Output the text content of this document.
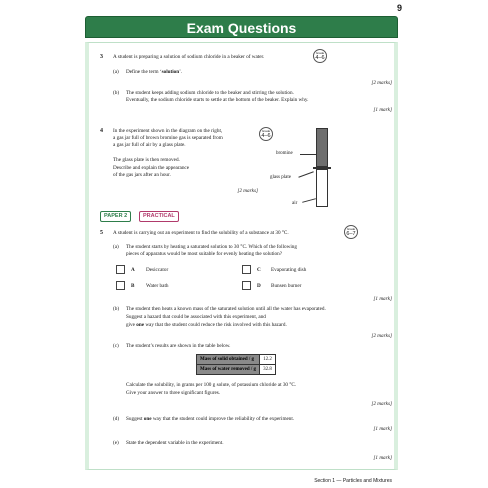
9
Exam Questions
3 A student is preparing a solution of sodium chloride in a beaker of water.
Grade
4–6
(a) Define the term ‘solution’.
[2 marks]
(b) The student keeps adding sodium chloride to the beaker and stirring the solution.
Eventually, the sodium chloride starts to settle at the bottom of the beaker. Explain why.
[1 mark]
4 In the experiment shown in the diagram on the right,
a gas jar full of brown bromine gas is separated from
a gas jar full of air by a glass plate.
Grade
4–6
The glass plate is then removed.
Describe and explain the appearance
of the gas jars after an hour.
[2 marks]
bromine
glass plate
air
PAPER 2	PRACTICAL
5 A student is carrying out an experiment to find the solubility of a substance at 30 °C.
Grade
6–7
(a) The student starts by heating a saturated solution to 30 °C. Which of the following
pieces of apparatus would be most suitable for evenly heating the solution?
A Desiccator	C Evaporating dish
B Water bath	D Bunsen burner
[1 mark]
(b) The student then heats a known mass of the saturated solution until all the water has evaporated.
Suggest a hazard that could be associated with this experiment, and
give one way that the student could reduce the risk involved with this hazard.
[2 marks]
(c) The student’s results are shown in the table below.
Mass of solid obtained / g	12.2
Mass of water removed / g	32.8
Calculate the solubility, in grams per 100 g solute, of potassium chloride at 30 °C.
Give your answer to three significant figures.
[2 marks]
(d) Suggest one way that the student could improve the reliability of the experiment.
[1 mark]
(e) State the dependent variable in the experiment.
[1 mark]
Section 1 — Particles and Mixtures
